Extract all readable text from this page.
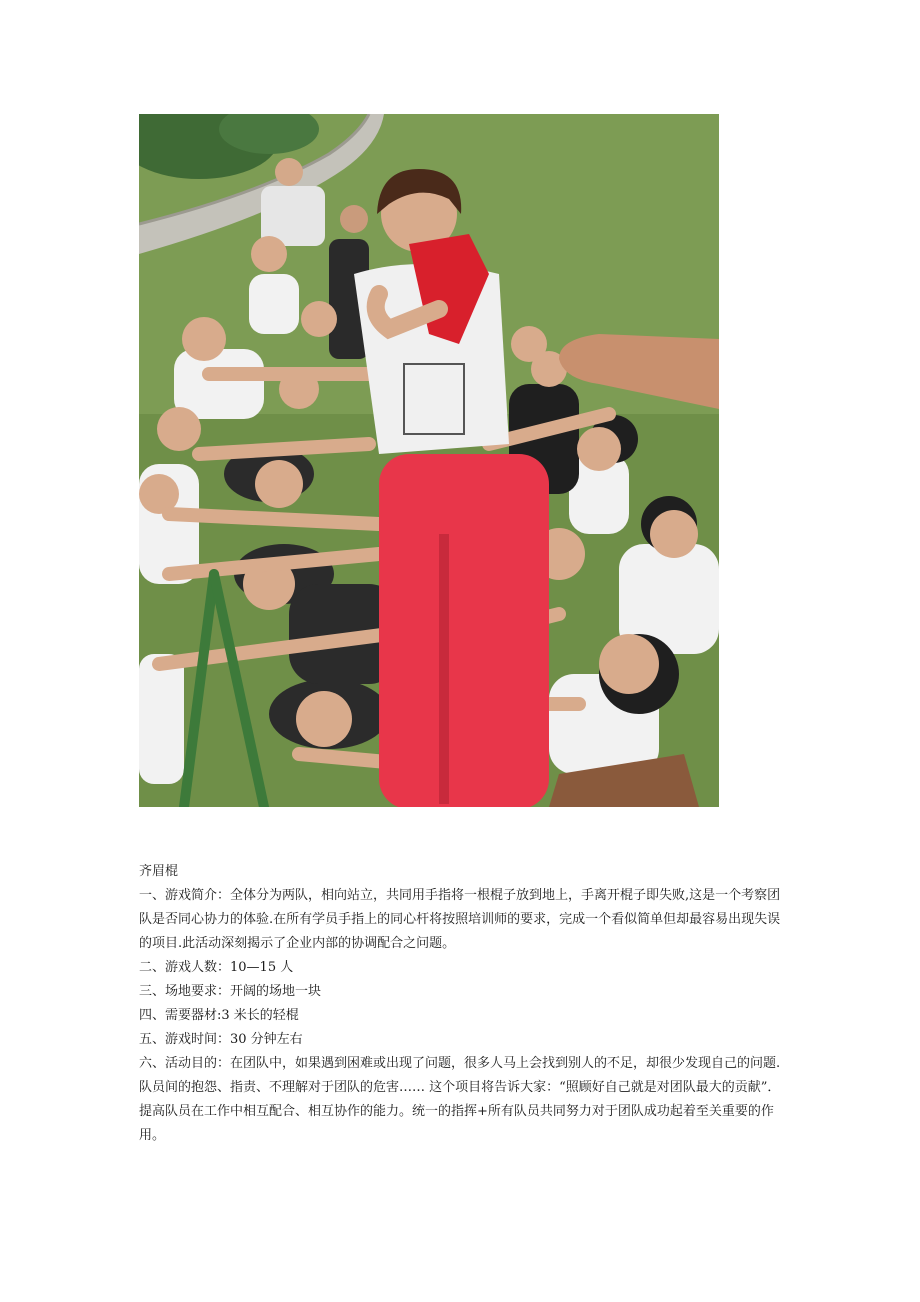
齐眉棍

一、游戏简介：全体分为两队，相向站立，共同用手指将一根棍子放到地上，手离开棍子即失败,这是一个考察团队是否同心协力的体验.在所有学员手指上的同心杆将按照培训师的要求，完成一个看似简单但却最容易出现失误的项目.此活动深刻揭示了企业内部的协调配合之问题。

二、游戏人数：10—15 人

三、场地要求：开阔的场地一块

四、需要器材:3 米长的轻棍

五、游戏时间：30 分钟左右

六、活动目的：在团队中，如果遇到困难或出现了问题，很多人马上会找到别人的不足，却很少发现自己的问题.队员间的抱怨、指责、不理解对于团队的危害…… 这个项目将告诉大家：“照顾好自己就是对团队最大的贡献”．提高队员在工作中相互配合、相互协作的能力。统一的指挥+所有队员共同努力对于团队成功起着至关重要的作用。
